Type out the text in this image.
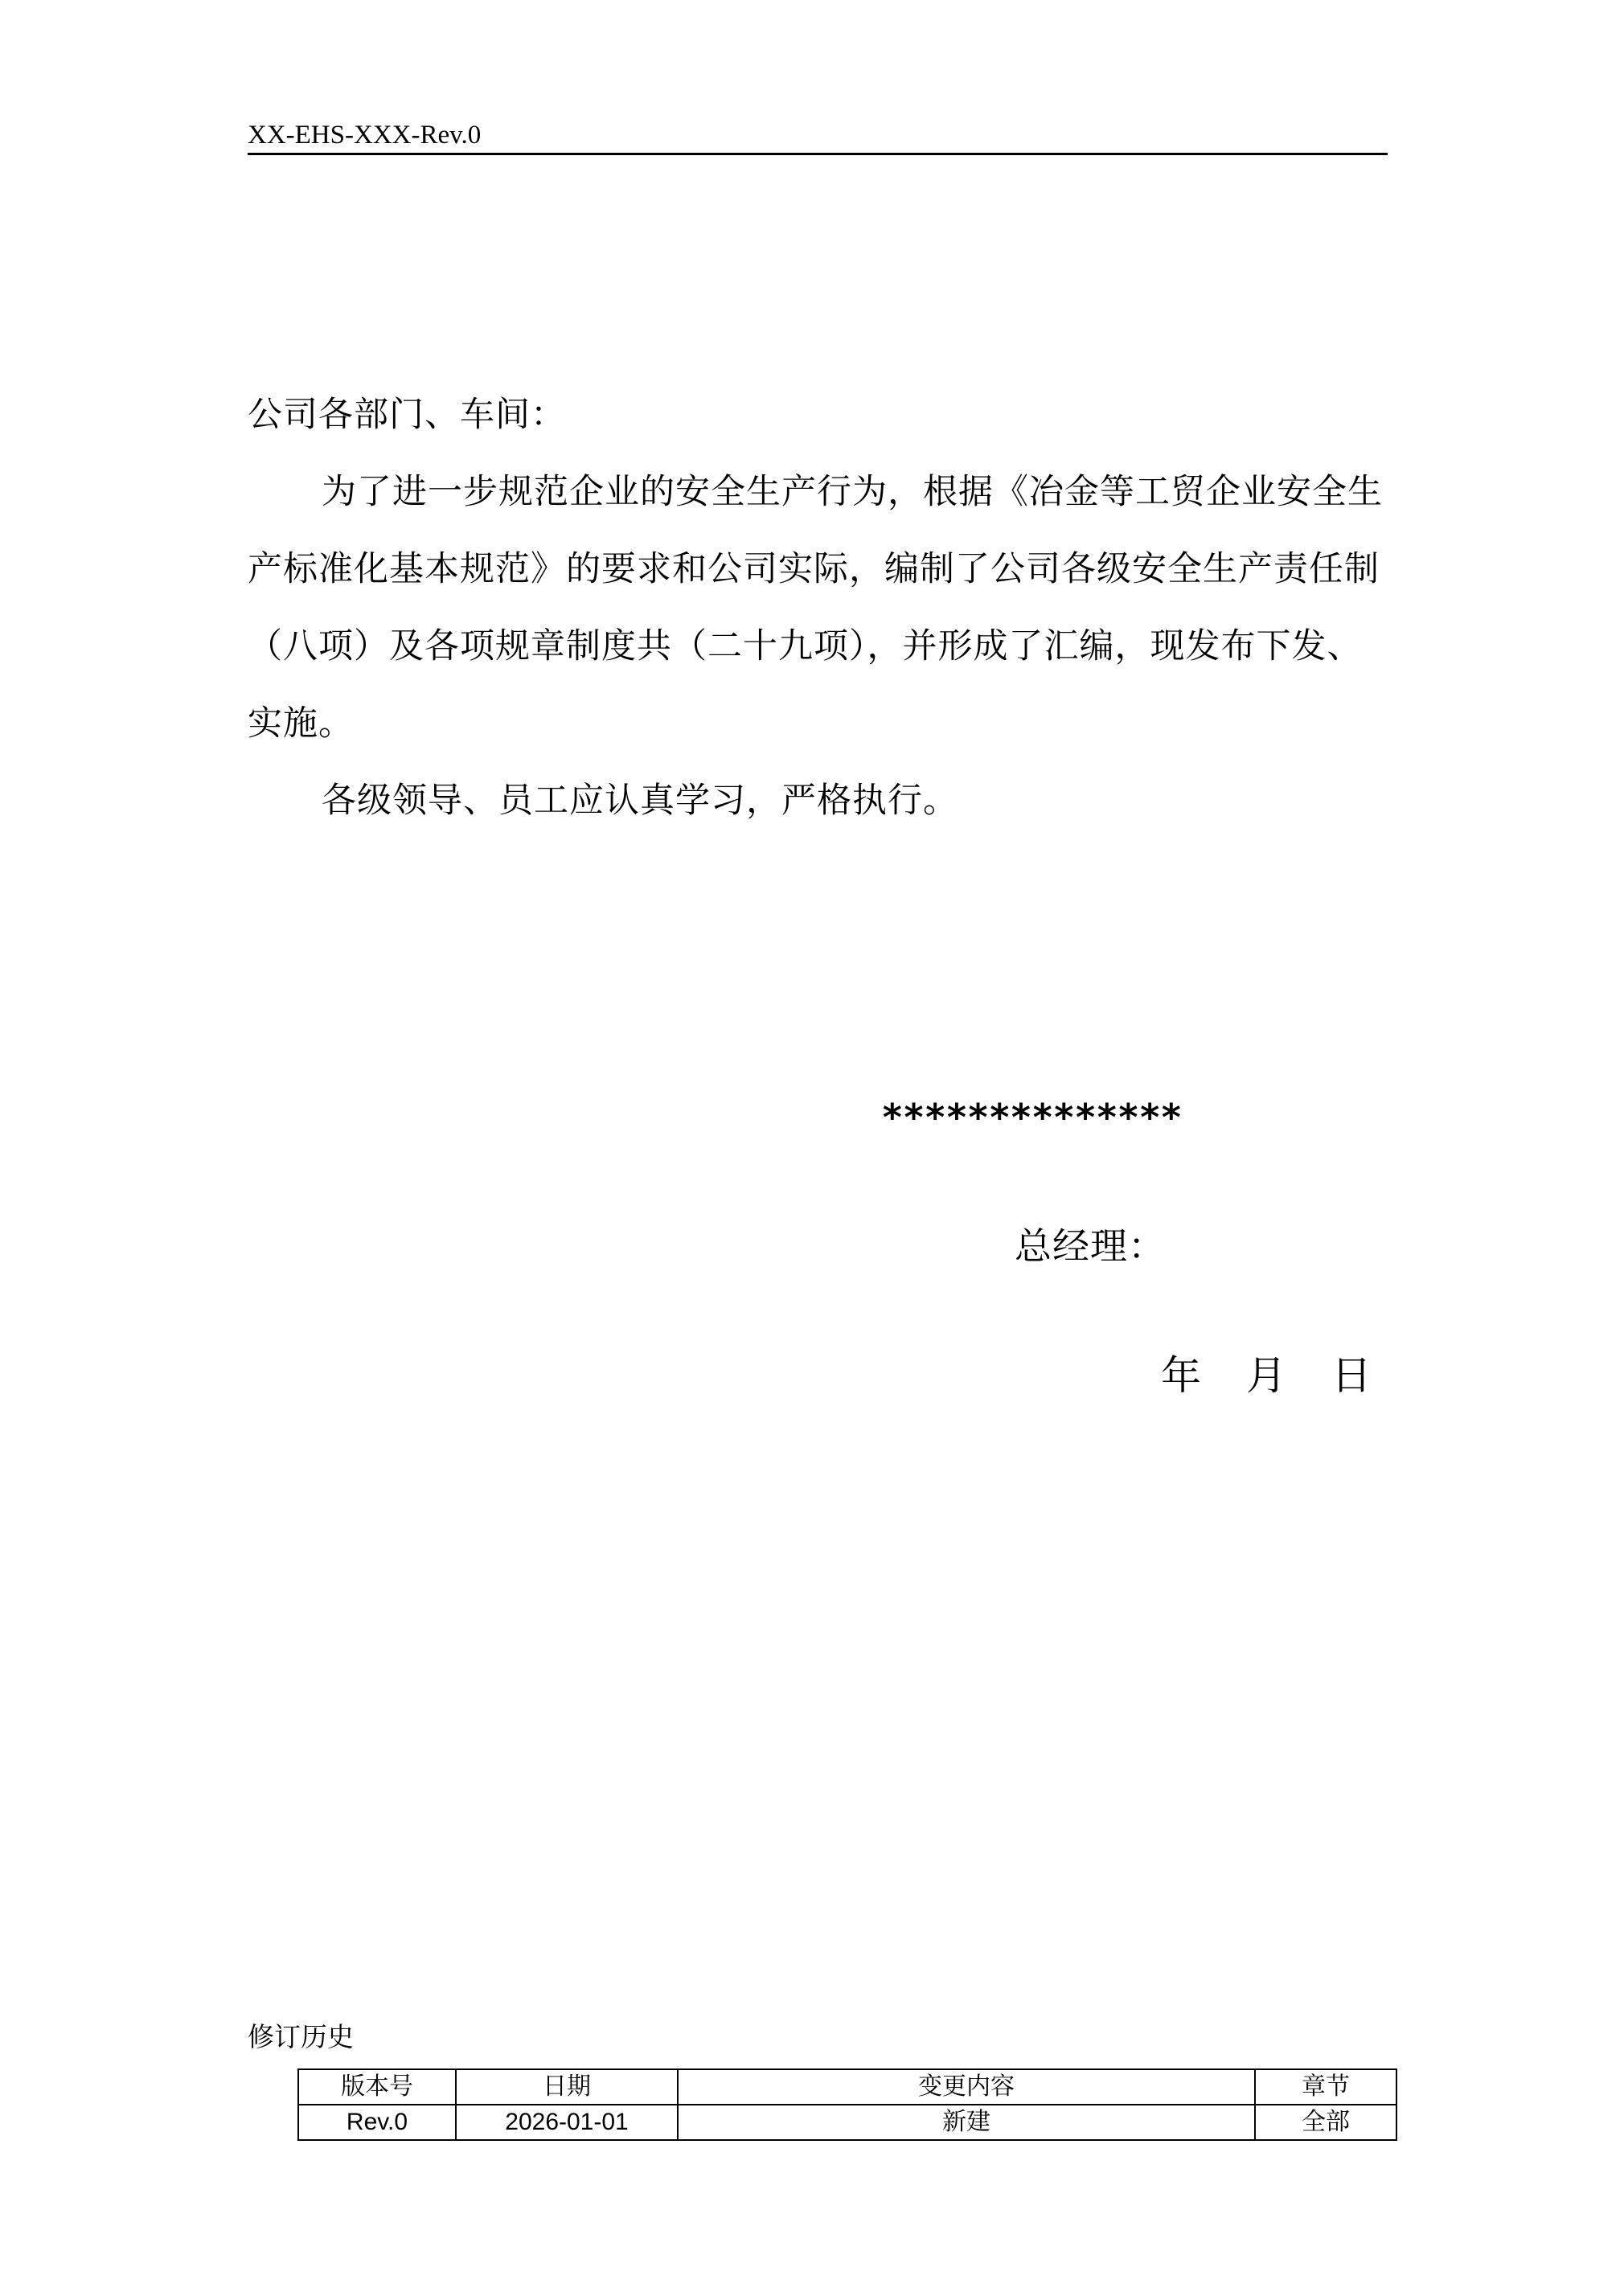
XX-EHS-XXX-Rev.0

公司各部门、车间：

为了进一步规范企业的安全生产行为，根据《冶金等工贸企业安全生产标准化基本规范》的要求和公司实际，编制了公司各级安全生产责任制（八项）及各项规章制度共（二十九项），并形成了汇编，现发布下发、实施。

各级领导、员工应认真学习，严格执行。

**************
总经理：
年 月 日
修订历史
版本号	日期	变更内容	章节
Rev.0	2026-01-01	新建	全部
